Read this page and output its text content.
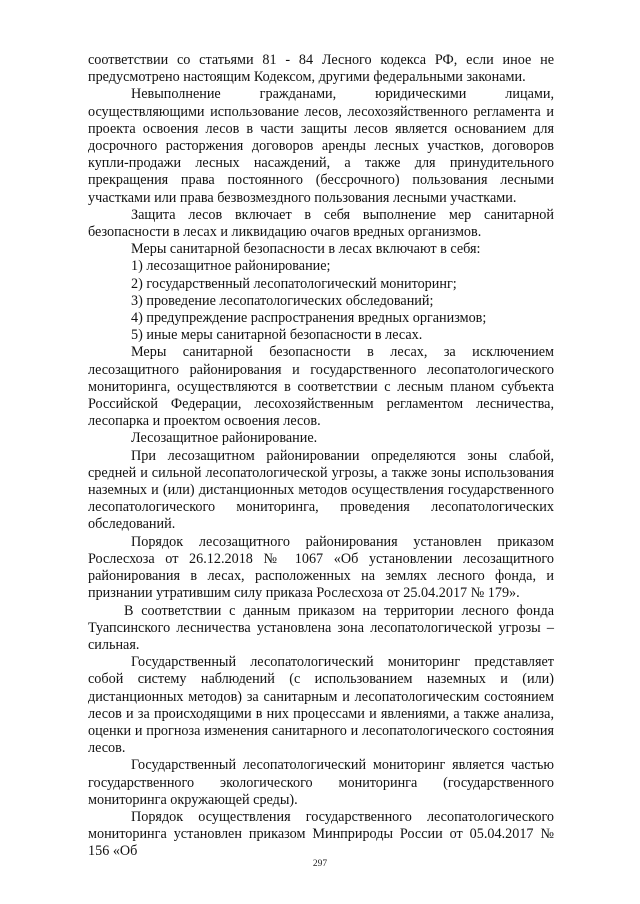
соответствии со статьями 81 - 84 Лесного кодекса РФ, если иное не предусмотрено настоящим Кодексом, другими федеральными законами.

Невыполнение гражданами, юридическими лицами, осуществляющими использование лесов, лесохозяйственного регламента и проекта освоения лесов в части защиты лесов является основанием для досрочного расторжения договоров аренды лесных участков, договоров купли-продажи лесных насаждений, а также для принудительного прекращения права постоянного (бессрочного) пользования лесными участками или права безвозмездного пользования лесными участками.

Защита лесов включает в себя выполнение мер санитарной безопасности в лесах и ликвидацию очагов вредных организмов.

Меры санитарной безопасности в лесах включают в себя:

1) лесозащитное районирование;

2) государственный лесопатологический мониторинг;

3) проведение лесопатологических обследований;

4) предупреждение распространения вредных организмов;

5) иные меры санитарной безопасности в лесах.

Меры санитарной безопасности в лесах, за исключением лесозащитного районирования и государственного лесопатологического мониторинга, осуществляются в соответствии с лесным планом субъекта Российской Федерации, лесохозяйственным регламентом лесничества, лесопарка и проектом освоения лесов.

Лесозащитное районирование.

При лесозащитном районировании определяются зоны слабой, средней и сильной лесопатологической угрозы, а также зоны использования наземных и (или) дистанционных методов осуществления государственного лесопатологического мониторинга, проведения лесопатологических обследований.

Порядок лесозащитного районирования установлен приказом Рослесхоза от 26.12.2018 № 1067 «Об установлении лесозащитного районирования в лесах, расположенных на землях лесного фонда, и признании утратившим силу приказа Рослесхоза от 25.04.2017 № 179».

В соответствии с данным приказом на территории лесного фонда Туапсинского лесничества установлена зона лесопатологической угрозы – сильная.

Государственный лесопатологический мониторинг представляет собой систему наблюдений (с использованием наземных и (или) дистанционных методов) за санитарным и лесопатологическим состоянием лесов и за происходящими в них процессами и явлениями, а также анализа, оценки и прогноза изменения санитарного и лесопатологического состояния лесов.

Государственный лесопатологический мониторинг является частью государственного экологического мониторинга (государственного мониторинга окружающей среды).

Порядок осуществления государственного лесопатологического мониторинга установлен приказом Минприроды России от 05.04.2017 № 156 «Об

297
